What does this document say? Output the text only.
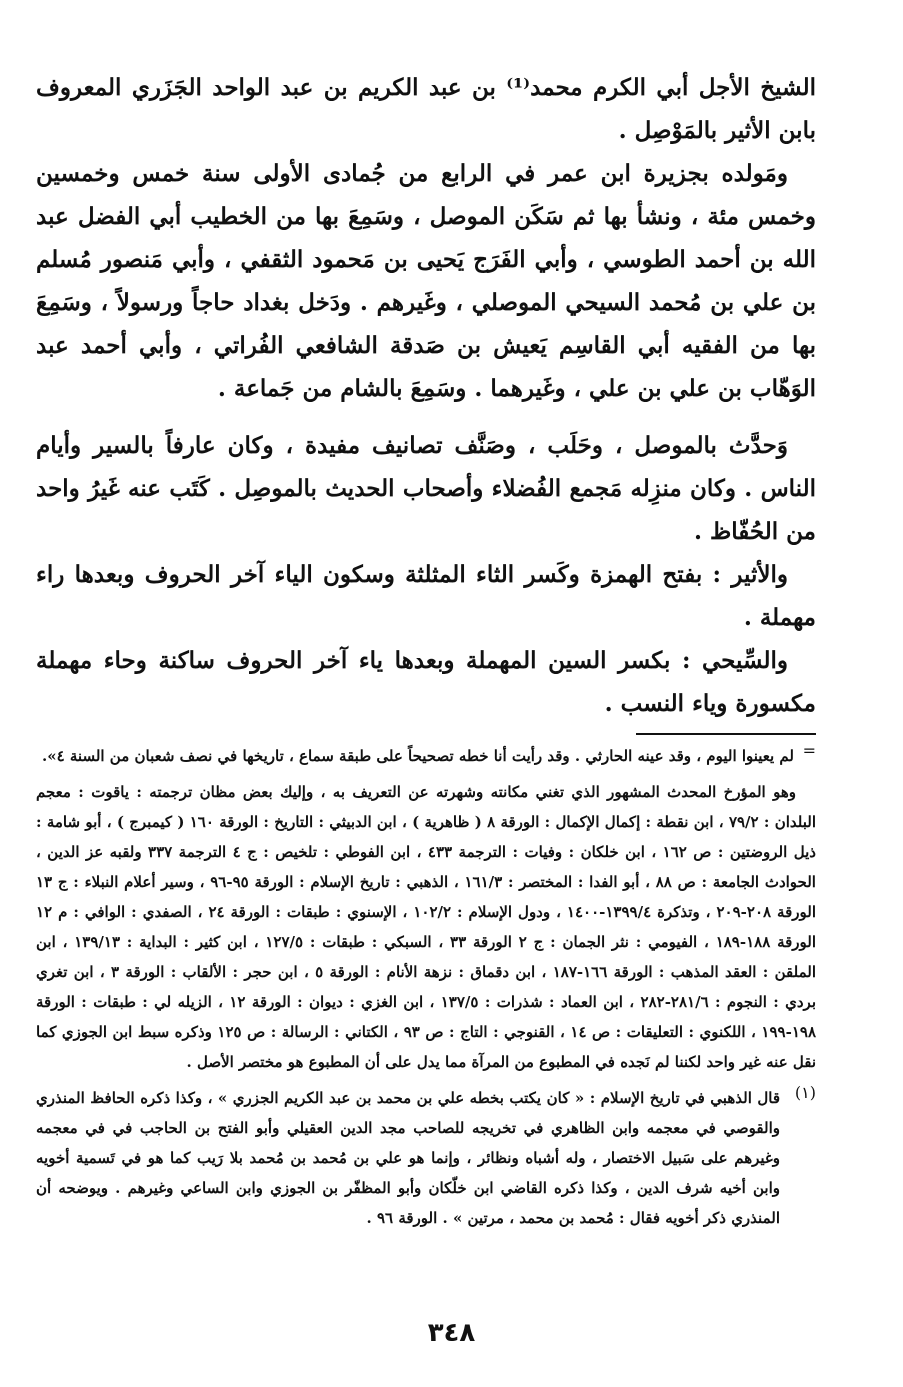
الشيخ الأجل أبي الكرم محمد⁽¹⁾ بن عبد الكريم بن عبد الواحد الجَزَري المعروف بابن الأثير بالمَوْصِل .

ومَولده بجزيرة ابن عمر في الرابع من جُمادى الأولى سنة خمس وخمسين وخمس مئة ، ونشأ بها ثم سَكَن الموصل ، وسَمِعَ بها من الخطيب أبي الفضل عبد الله بن أحمد الطوسي ، وأبي الفَرَج يَحيى بن مَحمود الثقفي ، وأبي مَنصور مُسلم بن علي بن مُحمد السيحي الموصلي ، وغَيرهم . ودَخل بغداد حاجاً ورسولاً ، وسَمِعَ بها من الفقيه أبي القاسِم يَعيش بن صَدقة الشافعي الفُراتي ، وأبي أحمد عبد الوَهّاب بن علي بن علي ، وغَيرهما . وسَمِعَ بالشام من جَماعة .

وَحدَّث بالموصل ، وحَلَب ، وصَنَّف تصانيف مفيدة ، وكان عارفاً بالسير وأيام الناس . وكان منزِله مَجمع الفُضلاء وأصحاب الحديث بالموصِل . كَتَب عنه غَيرُ واحد من الحُفّاظ .

والأثير : بفتح الهمزة وكَسر الثاء المثلثة وسكون الياء آخر الحروف وبعدها راء مهملة .

والسِّيحي : بكسر السين المهملة وبعدها ياء آخر الحروف ساكنة وحاء مهملة مكسورة وياء النسب .

=

لم يعينوا اليوم ، وقد عينه الحارثي . وقد رأيت أنا خطه تصحيحاً على طبقة سماع ، تاريخها في نصف شعبان من السنة ٤».

وهو المؤرخ المحدث المشهور الذي تغني مكانته وشهرته عن التعريف به ، وإليك بعض مظان ترجمته : ياقوت : معجم البلدان : ٧٩/٢ ، ابن نقطة : إكمال الإكمال : الورقة ٨ ( ظاهرية ) ، ابن الدبيثي : التاريخ : الورقة ١٦٠ ( كيمبرج ) ، أبو شامة : ذيل الروضتين : ص ١٦٢ ، ابن خلكان : وفيات : الترجمة ٤٣٣ ، ابن الفوطي : تلخيص : ج ٤ الترجمة ٣٣٧ ولقبه عز الدين ، الحوادث الجامعة : ص ٨٨ ، أبو الفدا : المختصر : ١٦١/٣ ، الذهبي : تاريخ الإسلام : الورقة ٩٥-٩٦ ، وسير أعلام النبلاء : ج ١٣ الورقة ٢٠٨-٢٠٩ ، وتذكرة ١٣٩٩/٤-١٤٠٠ ، ودول الإسلام : ١٠٢/٢ ، الإسنوي : طبقات : الورقة ٢٤ ، الصفدي : الوافي : م ١٢ الورقة ١٨٨-١٨٩ ، الفيومي : نثر الجمان : ج ٢ الورقة ٣٣ ، السبكي : طبقات : ١٢٧/٥ ، ابن كثير : البداية : ١٣٩/١٣ ، ابن الملقن : العقد المذهب : الورقة ١٦٦-١٨٧ ، ابن دقماق : نزهة الأنام : الورقة ٥ ، ابن حجر : الألقاب : الورقة ٣ ، ابن تغري بردي : النجوم : ٢٨١/٦-٢٨٢ ، ابن العماد : شذرات : ١٣٧/٥ ، ابن الغزي : ديوان : الورقة ١٢ ، الزيله لي : طبقات : الورقة ١٩٨-١٩٩ ، اللكنوي : التعليقات : ص ١٤ ، القنوجي : التاج : ص ٩٣ ، الكتاني : الرسالة : ص ١٢٥ وذكره سبط ابن الجوزي كما نقل عنه غير واحد لكننا لم نَجده في المطبوع من المرآة مما يدل على أن المطبوع هو مختصر الأصل .

(١)

قال الذهبي في تاريخ الإسلام : « كان يكتب بخطه علي بن محمد بن عبد الكريم الجزري » ، وكذا ذكره الحافظ المنذري والقوصي في معجمه وابن الظاهري في تخريجه للصاحب مجد الدين العقيلي وأبو الفتح بن الحاجب في في معجمه وغيرهم على سَبيل الاختصار ، وله أشباه ونظائر ، وإنما هو علي بن مُحمد بن مُحمد بلا رَيب كما هو في تَسمية أخويه وابن أخيه شرف الدين ، وكذا ذكره القاضي ابن خلّكان وأبو المظفّر بن الجوزي وابن الساعي وغيرهم . ويوضحه أن المنذري ذكر أخويه فقال : مُحمد بن محمد ، مرتين » . الورقة ٩٦ .

٣٤٨
